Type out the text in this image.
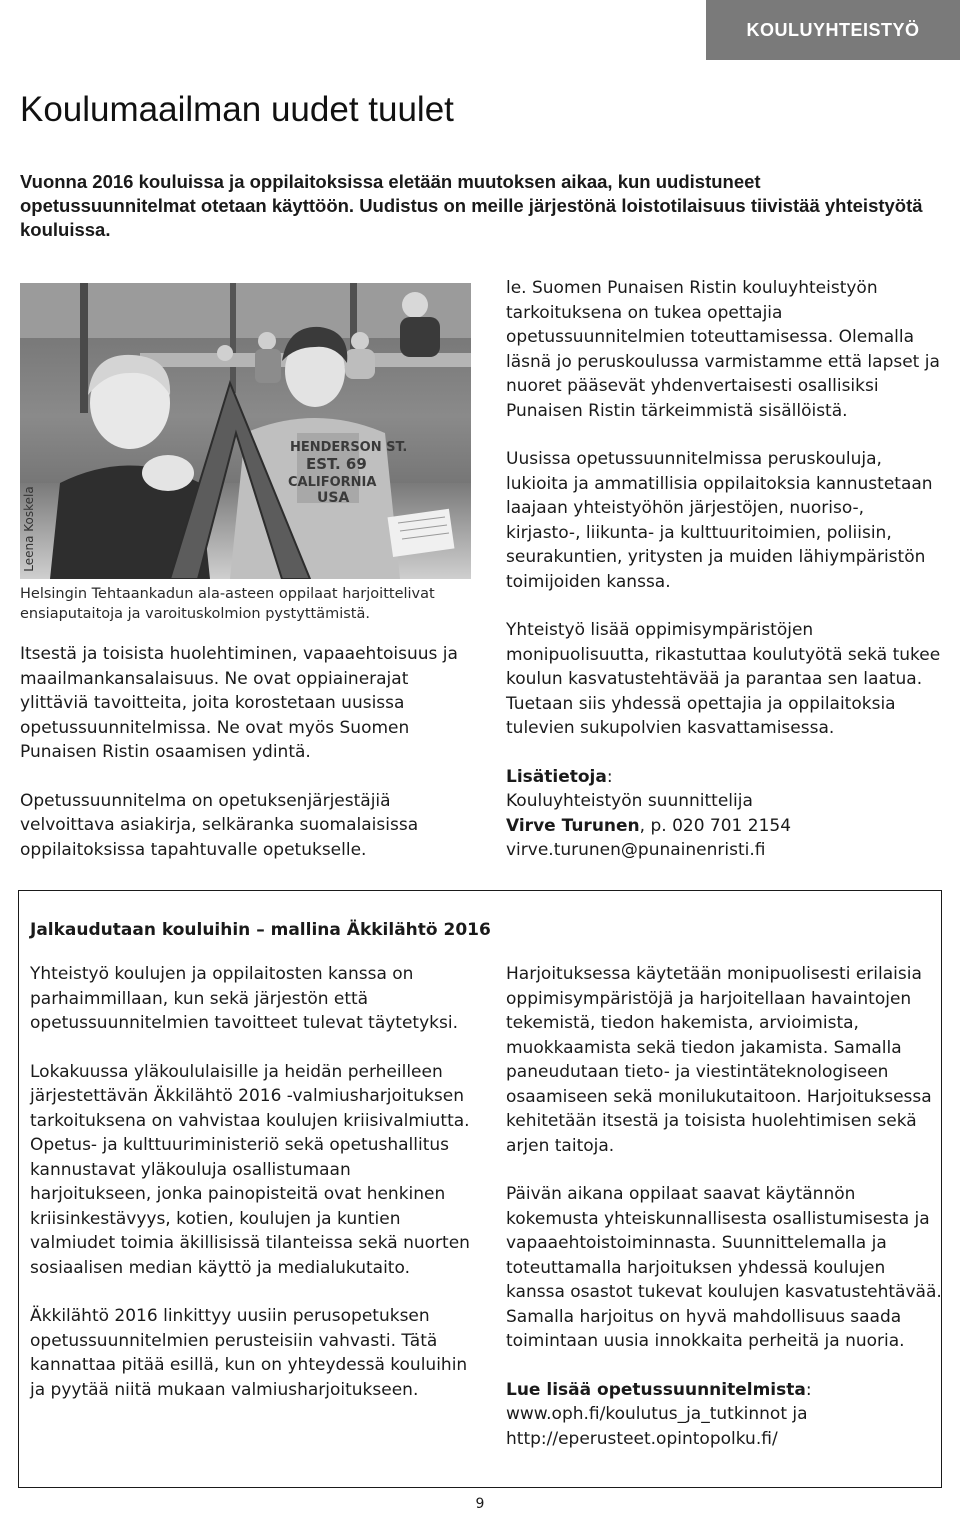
KOULUYHTEISTYÖ
Koulumaailman uudet tuulet

Vuonna 2016 kouluissa ja oppilaitoksissa eletään muutoksen aikaa, kun uudistuneet opetussuunnitelmat otetaan käyttöön. Uudistus on meille järjestönä loistotilaisuus tiivistää yhteistyötä kouluissa.

HENDERSON ST.
EST. 69
CALIFORNIA
USA
Leena Koskela

Helsingin Tehtaankadun ala-asteen oppilaat harjoittelivat ensiaputaitoja ja varoituskolmion pystyttämistä.

Itsestä ja toisista huolehtiminen, vapaaehtoisuus ja maailmankansalaisuus. Ne ovat oppiainerajat ylittäviä tavoitteita, joita korostetaan uusissa opetussuunnitelmissa. Ne ovat myös Suomen Punaisen Ristin osaamisen ydintä.

Opetussuunnitelma on opetuksenjärjestäjiä velvoittava asiakirja, selkäranka suomalaisissa oppilaitoksissa tapahtuvalle opetukselle.

le. Suomen Punaisen Ristin kouluyhteistyön tarkoituksena on tukea opettajia opetussuunnitelmien toteuttamisessa. Olemalla läsnä jo peruskoulussa varmistamme että lapset ja nuoret pääsevät yhdenvertaisesti osallisiksi Punaisen Ristin tärkeimmistä sisällöistä.

Uusissa opetussuunnitelmissa peruskouluja, lukioita ja ammatillisia oppilaitoksia kannustetaan laajaan yhteistyöhön järjestöjen, nuoriso-, kirjasto-, liikunta- ja kulttuuritoimien, poliisin, seurakuntien, yritysten ja muiden lähiympäristön toimijoiden kanssa.

Yhteistyö lisää oppimisympäristöjen monipuolisuutta, rikastuttaa koulutyötä sekä tukee koulun kasvatustehtävää ja parantaa sen laatua. Tuetaan siis yhdessä opettajia ja oppilaitoksia tulevien sukupolvien kasvattamisessa.

Lisätietoja:
Kouluyhteistyön suunnittelija
Virve Turunen, p. 020 701 2154
virve.turunen@punainenristi.fi
Jalkaudutaan kouluihin – mallina Äkkilähtö 2016

Yhteistyö koulujen ja oppilaitosten kanssa on parhaimmillaan, kun sekä järjestön että opetussuunnitelmien tavoitteet tulevat täytetyksi.

Lokakuussa yläkoululaisille ja heidän perheilleen järjestettävän Äkkilähtö 2016 -valmiusharjoituksen tarkoituksena on vahvistaa koulujen kriisivalmiutta. Opetus- ja kulttuuriministeriö sekä opetushallitus kannustavat yläkouluja osallistumaan harjoitukseen, jonka painopisteitä ovat henkinen kriisinkestävyys, kotien, koulujen ja kuntien valmiudet toimia äkillisissä tilanteissa sekä nuorten sosiaalisen median käyttö ja medialukutaito.

Äkkilähtö 2016 linkittyy uusiin perusopetuksen opetussuunnitelmien perusteisiin vahvasti. Tätä kannattaa pitää esillä, kun on yhteydessä kouluihin ja pyytää niitä mukaan valmiusharjoitukseen.

Harjoituksessa käytetään monipuolisesti erilaisia oppimisympäristöjä ja harjoitellaan havaintojen tekemistä, tiedon hakemista, arvioimista, muokkaamista sekä tiedon jakamista. Samalla paneudutaan tieto- ja viestintäteknologiseen osaamiseen sekä monilukutaitoon. Harjoituksessa kehitetään itsestä ja toisista huolehtimisen sekä arjen taitoja.

Päivän aikana oppilaat saavat käytännön kokemusta yhteiskunnallisesta osallistumisesta ja vapaaehtoistoiminnasta. Suunnittelemalla ja toteuttamalla harjoituksen yhdessä koulujen kanssa osastot tukevat koulujen kasvatustehtävää. Samalla harjoitus on hyvä mahdollisuus saada toimintaan uusia innokkaita perheitä ja nuoria.

Lue lisää opetussuunnitelmista:
www.oph.fi/koulutus_ja_tutkinnot ja
http://eperusteet.opintopolku.fi/
9
